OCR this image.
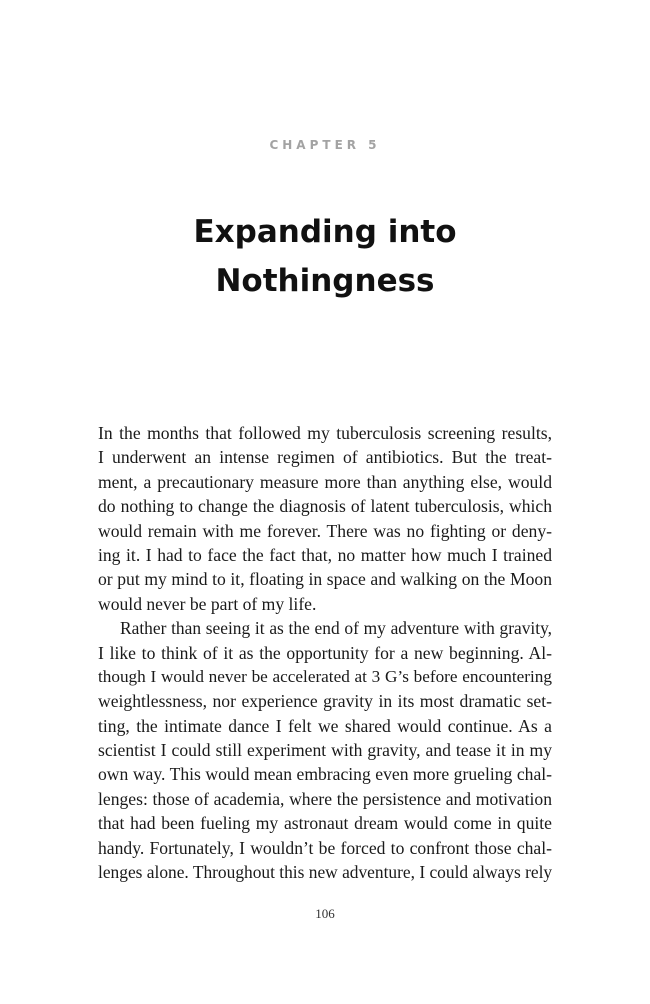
CHAPTER 5
Expanding into
Nothingness
In the months that followed my tuberculosis screening results,
I underwent an intense regimen of antibiotics. But the treat-
ment, a precautionary measure more than anything else, would
do nothing to change the diagnosis of latent tuberculosis, which
would remain with me forever. There was no fighting or deny-
ing it. I had to face the fact that, no matter how much I trained
or put my mind to it, floating in space and walking on the Moon
would never be part of my life.
Rather than seeing it as the end of my adventure with gravity,
I like to think of it as the opportunity for a new beginning. Al-
though I would never be accelerated at 3 G’s before encountering
weightlessness, nor experience gravity in its most dramatic set-
ting, the intimate dance I felt we shared would continue. As a
scientist I could still experiment with gravity, and tease it in my
own way. This would mean embracing even more grueling chal-
lenges: those of academia, where the persistence and motivation
that had been fueling my astronaut dream would come in quite
handy. Fortunately, I wouldn’t be forced to confront those chal-
lenges alone. Throughout this new adventure, I could always rely
106
